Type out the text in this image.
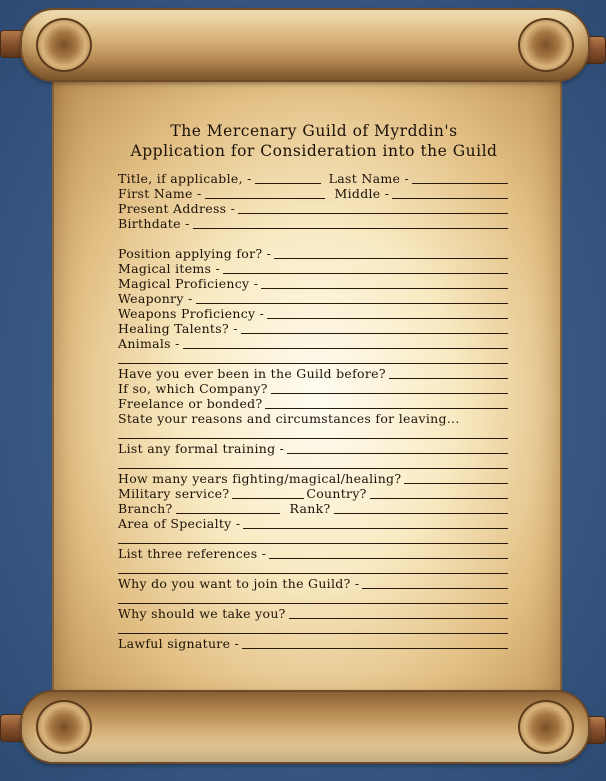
The Mercenary Guild of Myrddin's
Application for Consideration into the Guild
Title, if applicable, -	Last Name -
First Name -	Middle -
Present Address -
Birthdate -
Position applying for? -
Magical items -
Magical Proficiency -
Weaponry -
Weapons Proficiency -
Healing Talents? -
Animals -
Have you ever been in the Guild before?
If so, which Company?
Freelance or bonded?
State your reasons and circumstances for leaving...
List any formal training -
How many years fighting/magical/healing?
Military service?	Country?
Branch?	Rank?
Area of Specialty -
List three references -
Why do you want to join the Guild? -
Why should we take you?
Lawful signature -
